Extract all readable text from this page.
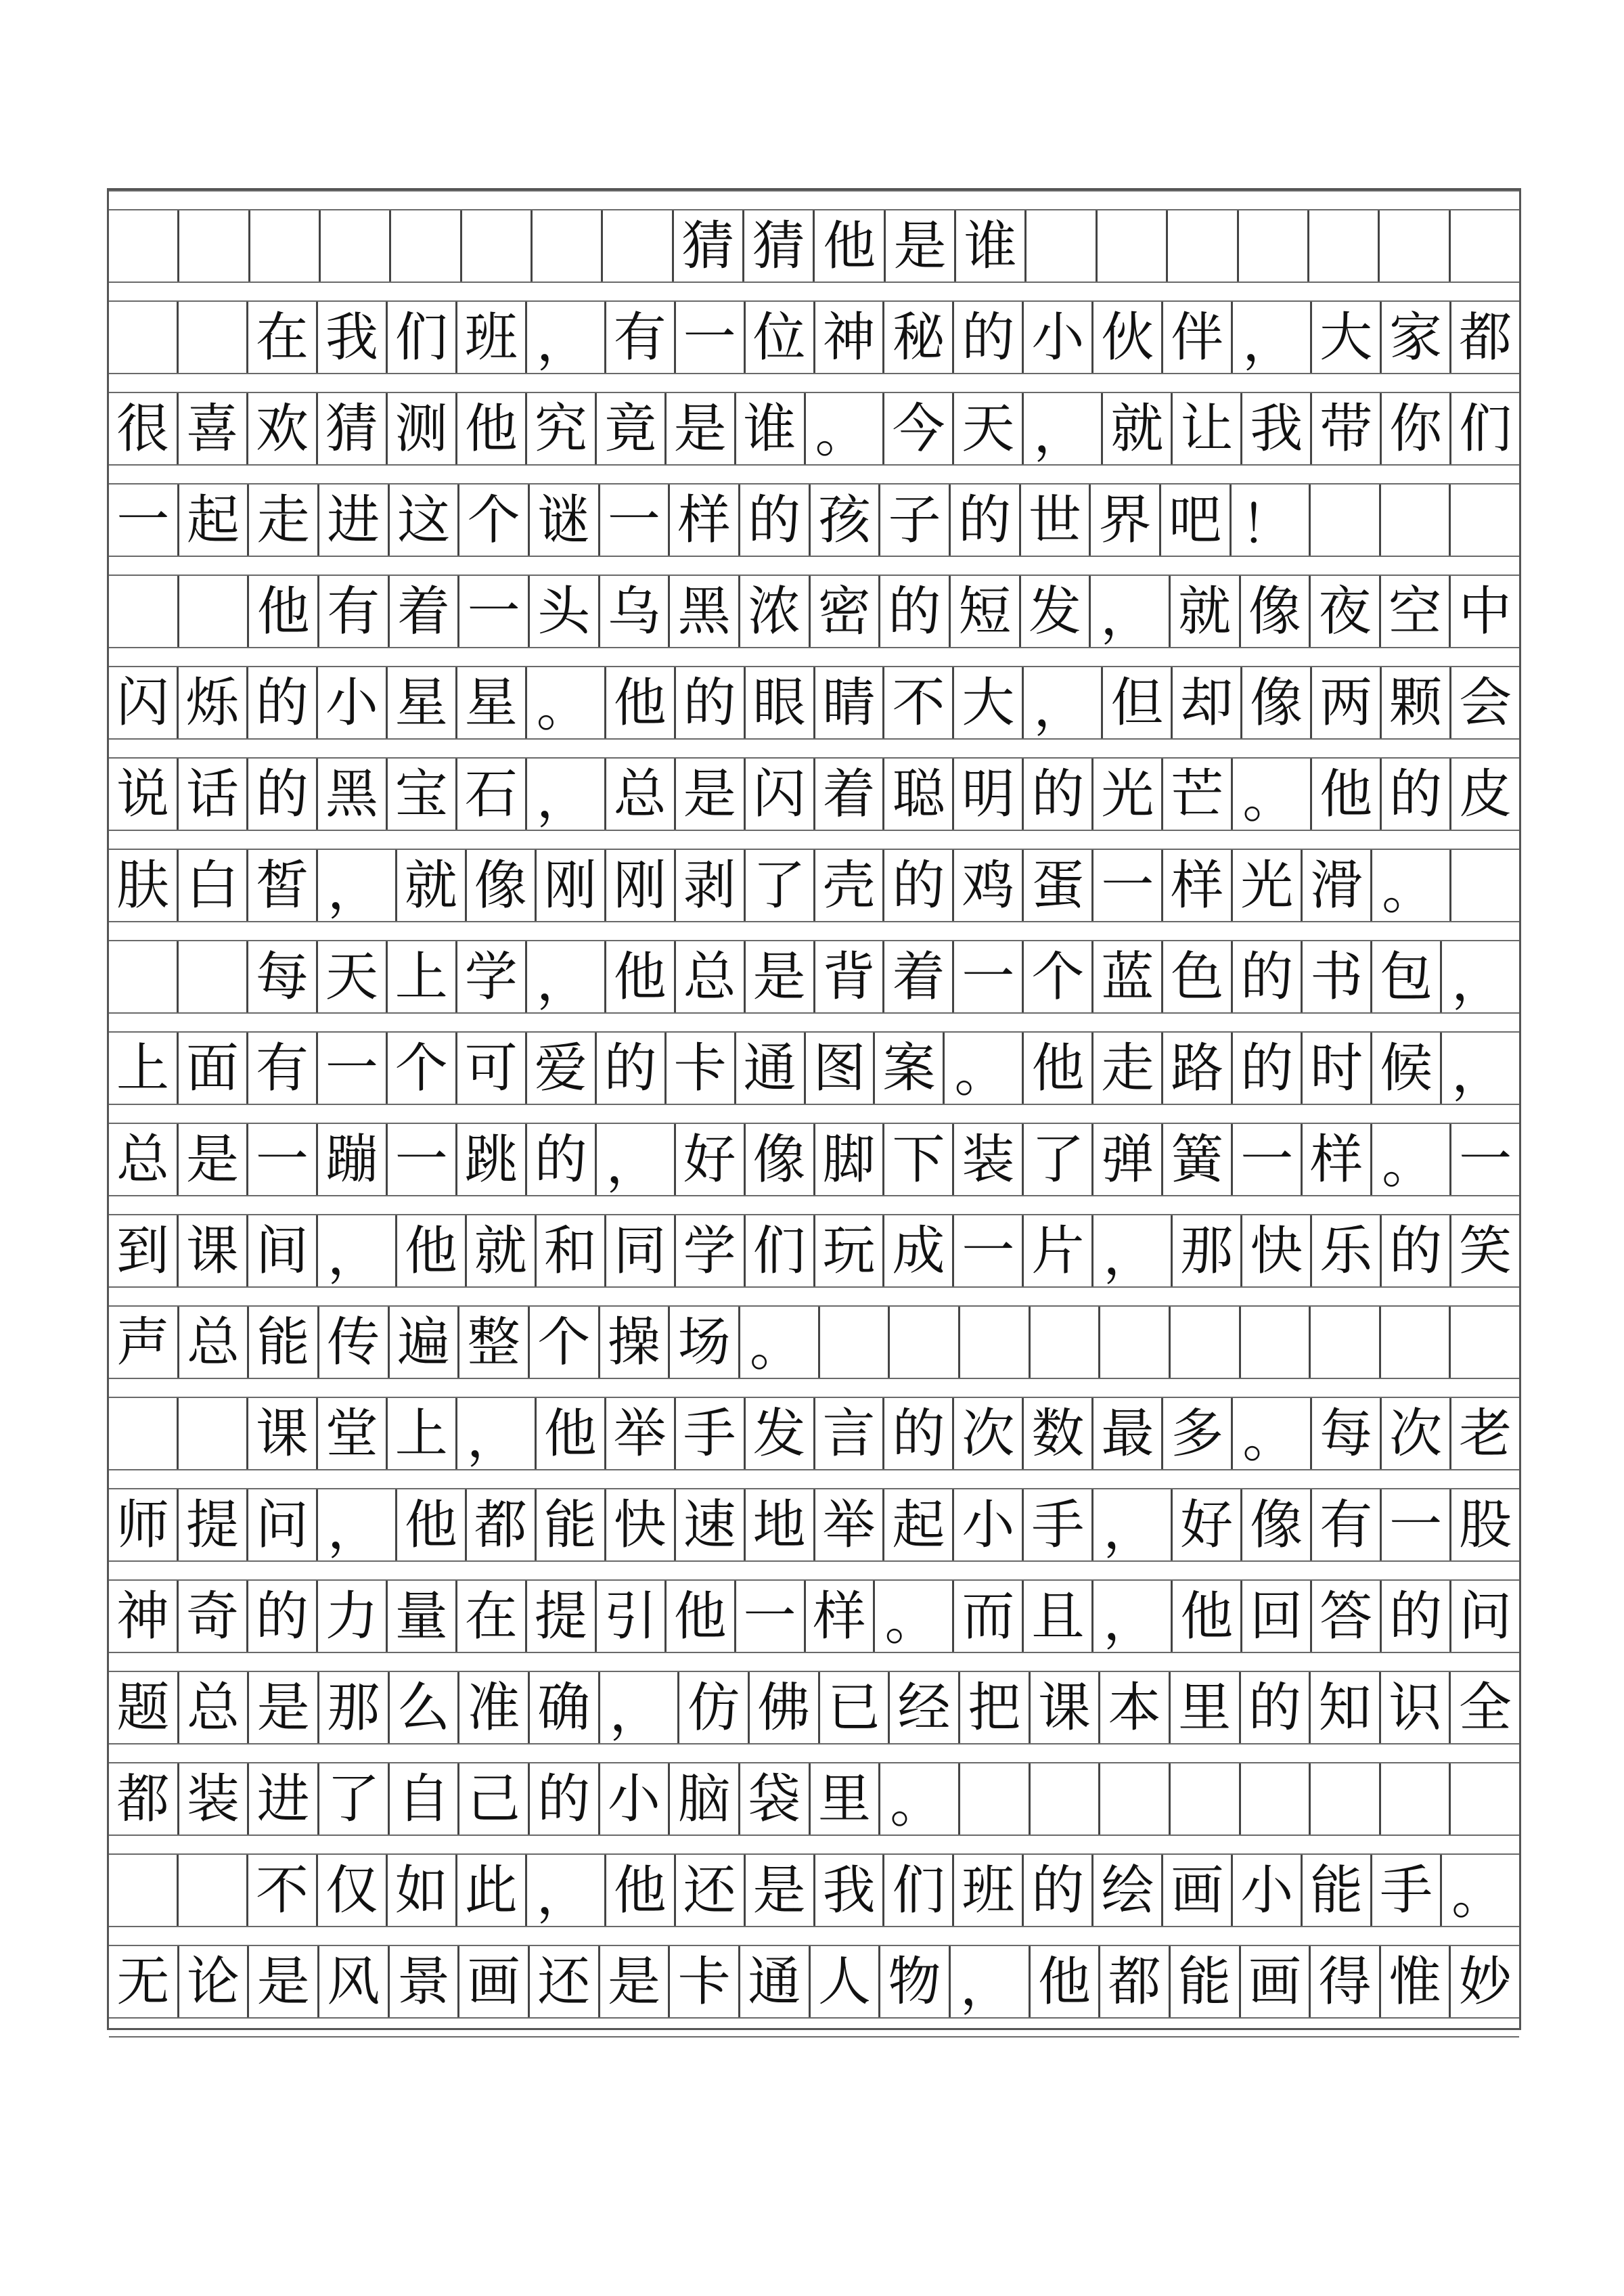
猜 猜 他 是 谁
在 我 们 班 ， 有 一 位 神 秘 的 小 伙 伴 ， 大 家 都
很 喜 欢 猜 测 他 究 竟 是 谁 。 今 天 ， 就 让 我 带 你 们
一 起 走 进 这 个 谜 一 样 的 孩 子 的 世 界 吧 ！
他 有 着 一 头 乌 黑 浓 密 的 短 发 ， 就 像 夜 空 中
闪 烁 的 小 星 星 。 他 的 眼 睛 不 大 ， 但 却 像 两 颗 会
说 话 的 黑 宝 石 ， 总 是 闪 着 聪 明 的 光 芒 。 他 的 皮
肤 白 皙 ， 就 像 刚 刚 剥 了 壳 的 鸡 蛋 一 样 光 滑 。
每 天 上 学 ， 他 总 是 背 着 一 个 蓝 色 的 书 包 ，
上 面 有 一 个 可 爱 的 卡 通 图 案 。 他 走 路 的 时 候 ，
总 是 一 蹦 一 跳 的 ， 好 像 脚 下 装 了 弹 簧 一 样 。 一
到 课 间 ， 他 就 和 同 学 们 玩 成 一 片 ， 那 快 乐 的 笑
声 总 能 传 遍 整 个 操 场 。
课 堂 上 ， 他 举 手 发 言 的 次 数 最 多 。 每 次 老
师 提 问 ， 他 都 能 快 速 地 举 起 小 手 ， 好 像 有 一 股
神 奇 的 力 量 在 提 引 他 一 样 。 而 且 ， 他 回 答 的 问
题 总 是 那 么 准 确 ， 仿 佛 已 经 把 课 本 里 的 知 识 全
都 装 进 了 自 己 的 小 脑 袋 里 。
不 仅 如 此 ， 他 还 是 我 们 班 的 绘 画 小 能 手 。
无 论 是 风 景 画 还 是 卡 通 人 物 ， 他 都 能 画 得 惟 妙
